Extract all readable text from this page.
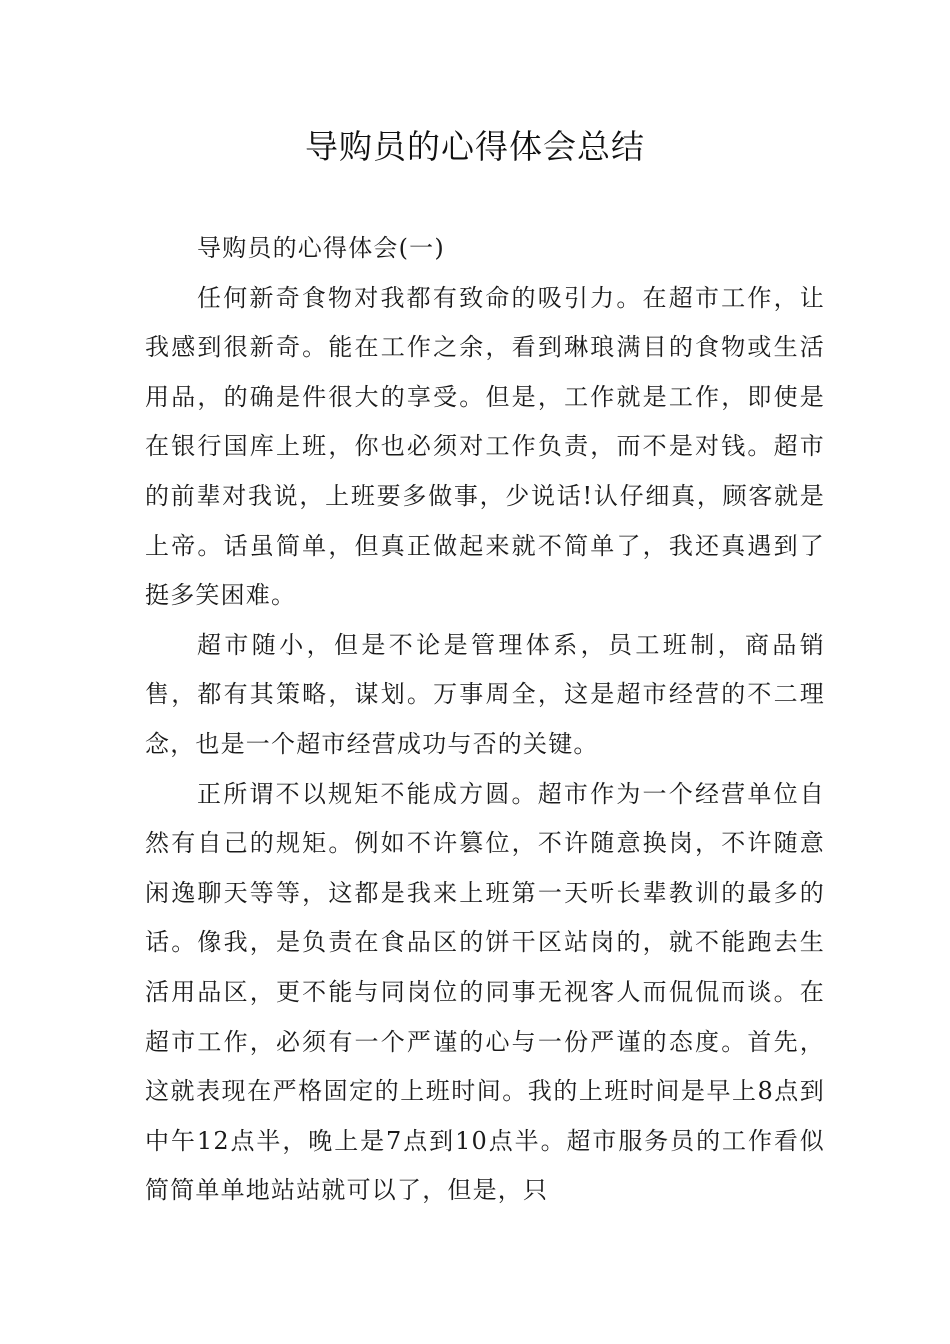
导购员的心得体会总结

导购员的心得体会(一)

任何新奇食物对我都有致命的吸引力。在超市工作，让我感到很新奇。能在工作之余，看到琳琅满目的食物或生活用品，的确是件很大的享受。但是，工作就是工作，即使是在银行国库上班，你也必须对工作负责，而不是对钱。超市的前辈对我说，上班要多做事，少说话!认仔细真，顾客就是上帝。话虽简单，但真正做起来就不简单了，我还真遇到了挺多笑困难。

超市随小，但是不论是管理体系，员工班制，商品销售，都有其策略，谋划。万事周全，这是超市经营的不二理念，也是一个超市经营成功与否的关键。

正所谓不以规矩不能成方圆。超市作为一个经营单位自然有自己的规矩。例如不许篡位，不许随意换岗，不许随意闲逸聊天等等，这都是我来上班第一天听长辈教训的最多的话。像我，是负责在食品区的饼干区站岗的，就不能跑去生活用品区，更不能与同岗位的同事无视客人而侃侃而谈。在超市工作，必须有一个严谨的心与一份严谨的态度。首先，这就表现在严格固定的上班时间。我的上班时间是早上8点到中午12点半，晚上是7点到10点半。超市服务员的工作看似简简单单地站站就可以了，但是，只
